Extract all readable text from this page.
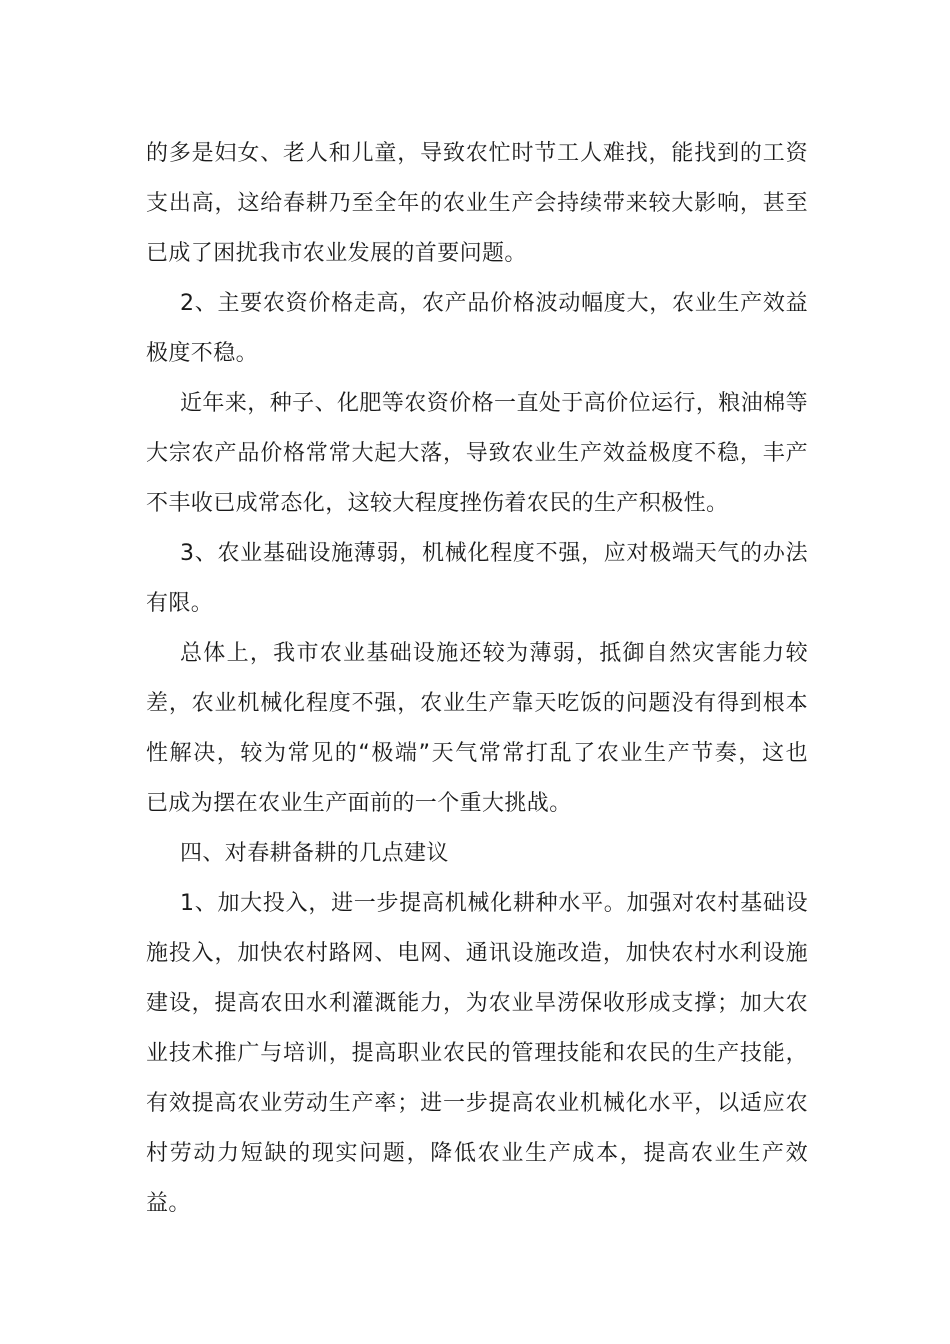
的多是妇女、老人和儿童，导致农忙时节工人难找，能找到的工资
支出高，这给春耕乃至全年的农业生产会持续带来较大影响，甚至
已成了困扰我市农业发展的首要问题。
2、主要农资价格走高，农产品价格波动幅度大，农业生产效益
极度不稳。
近年来，种子、化肥等农资价格一直处于高价位运行，粮油棉等
大宗农产品价格常常大起大落，导致农业生产效益极度不稳，丰产
不丰收已成常态化，这较大程度挫伤着农民的生产积极性。
3、农业基础设施薄弱，机械化程度不强，应对极端天气的办法
有限。
总体上，我市农业基础设施还较为薄弱，抵御自然灾害能力较
差，农业机械化程度不强，农业生产靠天吃饭的问题没有得到根本
性解决，较为常见的“极端”天气常常打乱了农业生产节奏，这也
已成为摆在农业生产面前的一个重大挑战。
四、对春耕备耕的几点建议
1、加大投入，进一步提高机械化耕种水平。加强对农村基础设
施投入，加快农村路网、电网、通讯设施改造，加快农村水利设施
建设，提高农田水利灌溉能力，为农业旱涝保收形成支撑；加大农
业技术推广与培训，提高职业农民的管理技能和农民的生产技能，
有效提高农业劳动生产率；进一步提高农业机械化水平，以适应农
村劳动力短缺的现实问题，降低农业生产成本，提高农业生产效
益。
